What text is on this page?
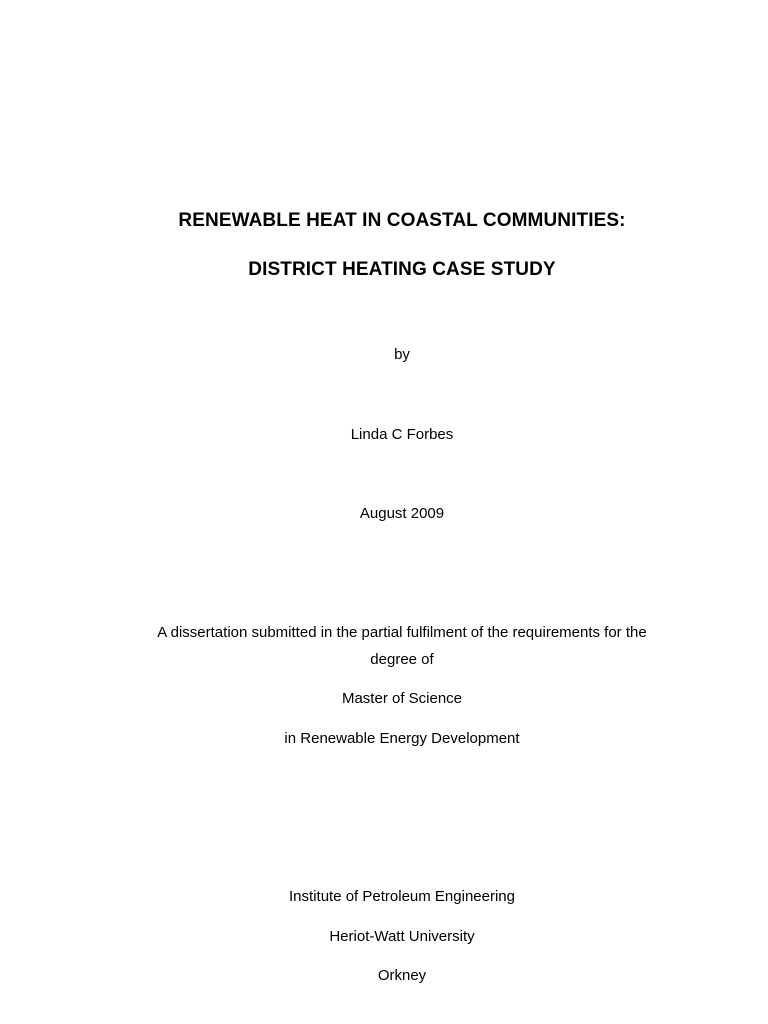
RENEWABLE HEAT IN COASTAL COMMUNITIES:
DISTRICT HEATING CASE STUDY
by
Linda C Forbes
August 2009
A dissertation submitted in the partial fulfilment of the requirements for the
degree of
Master of Science
in Renewable Energy Development
Institute of Petroleum Engineering
Heriot-Watt University
Orkney
